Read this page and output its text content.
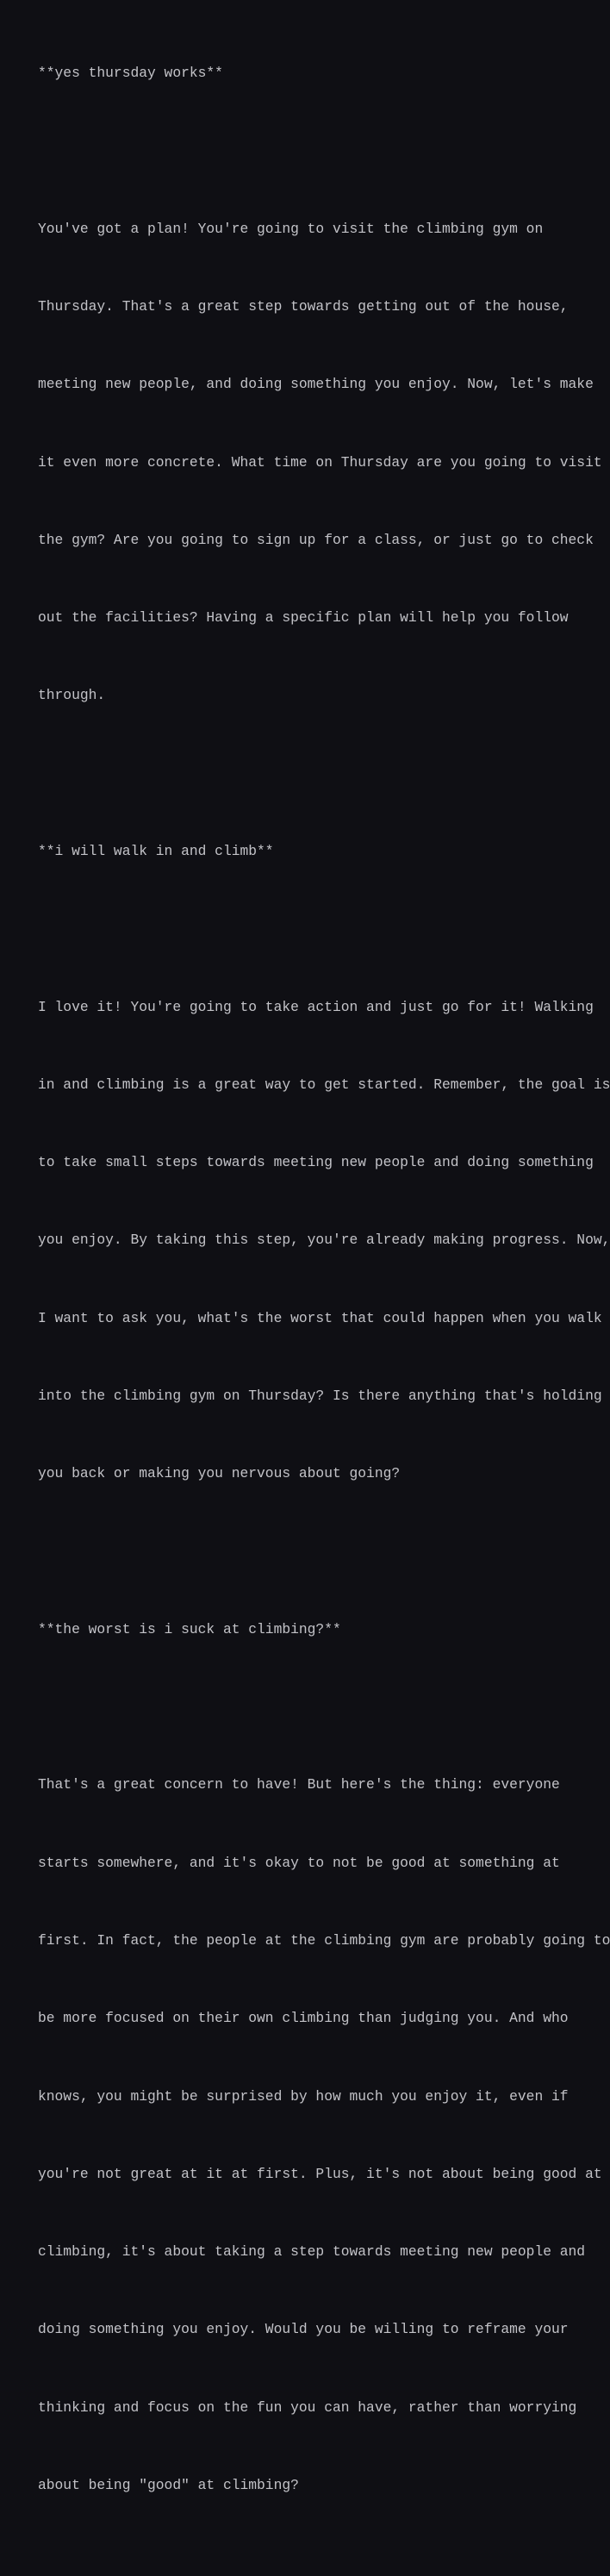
**yes thursday works**

You've got a plan! You're going to visit the climbing gym on

Thursday. That's a great step towards getting out of the house,

meeting new people, and doing something you enjoy. Now, let's make

it even more concrete. What time on Thursday are you going to visit

the gym? Are you going to sign up for a class, or just go to check

out the facilities? Having a specific plan will help you follow

through.

**i will walk in and climb**

I love it! You're going to take action and just go for it! Walking

in and climbing is a great way to get started. Remember, the goal is

to take small steps towards meeting new people and doing something

you enjoy. By taking this step, you're already making progress. Now,

I want to ask you, what's the worst that could happen when you walk

into the climbing gym on Thursday? Is there anything that's holding

you back or making you nervous about going?

**the worst is i suck at climbing?**

That's a great concern to have! But here's the thing: everyone

starts somewhere, and it's okay to not be good at something at

first. In fact, the people at the climbing gym are probably going to

be more focused on their own climbing than judging you. And who

knows, you might be surprised by how much you enjoy it, even if

you're not great at it at first. Plus, it's not about being good at

climbing, it's about taking a step towards meeting new people and

doing something you enjoy. Would you be willing to reframe your

thinking and focus on the fun you can have, rather than worrying

about being "good" at climbing?
